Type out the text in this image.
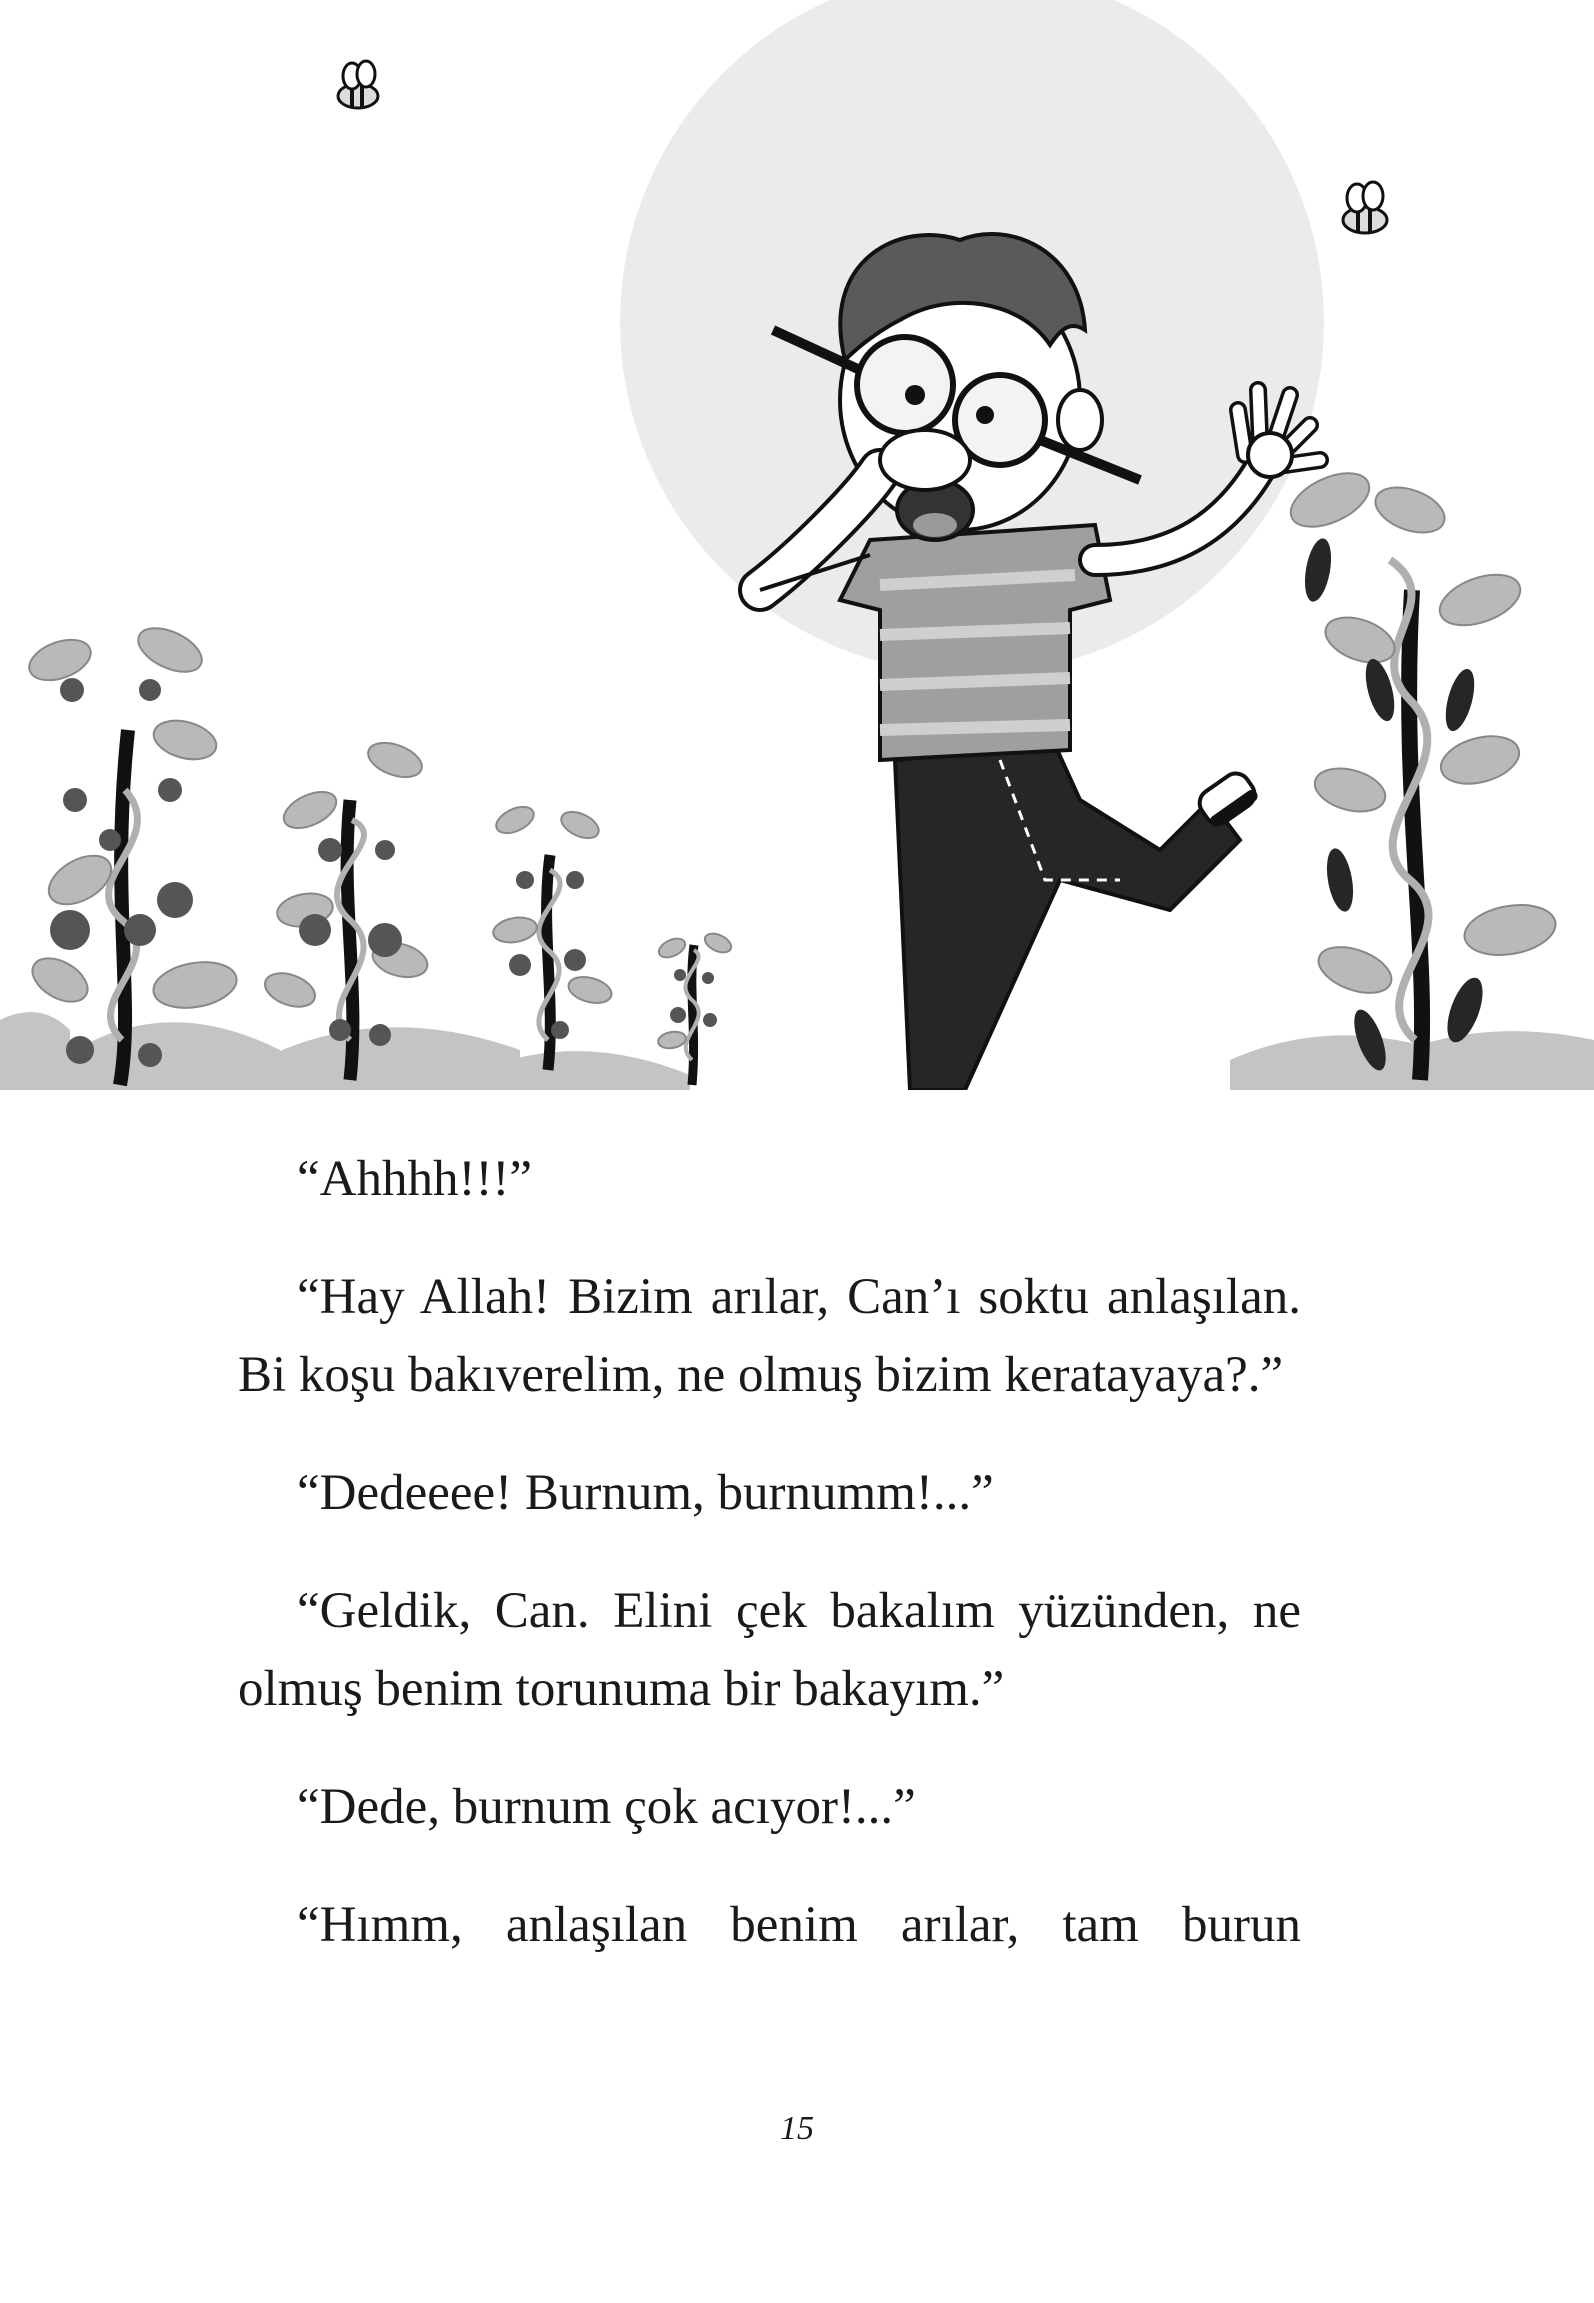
“Ahhhh!!!”

“Hay Allah! Bizim arılar, Can’ı soktu anlaşılan. Bi koşu bakıverelim, ne olmuş bizim keratayaya?.”

“Dedeeee! Burnum, burnumm!...”

“Geldik, Can. Elini çek bakalım yüzünden, ne olmuş benim torunuma bir bakayım.”

“Dede, burnum çok acıyor!...”

“Hımm, anlaşılan benim arılar, tam burun

15
